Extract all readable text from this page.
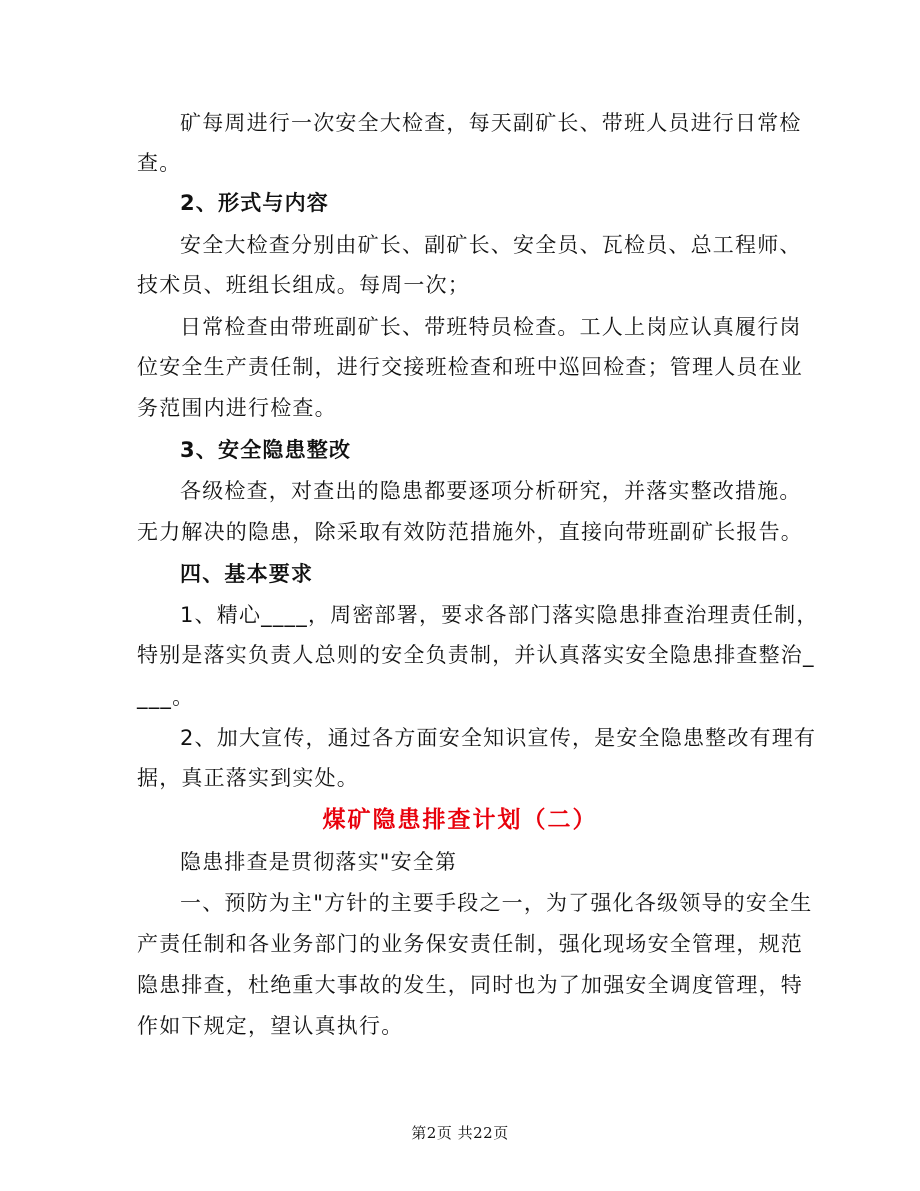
矿每周进行一次安全大检查，每天副矿长、带班人员进行日常检
查。
2、形式与内容
安全大检查分别由矿长、副矿长、安全员、瓦检员、总工程师、
技术员、班组长组成。每周一次；
日常检查由带班副矿长、带班特员检查。工人上岗应认真履行岗
位安全生产责任制，进行交接班检查和班中巡回检查；管理人员在业
务范围内进行检查。
3、安全隐患整改
各级检查，对查出的隐患都要逐项分析研究，并落实整改措施。
无力解决的隐患，除采取有效防范措施外，直接向带班副矿长报告。
四、基本要求
1、精心____，周密部署，要求各部门落实隐患排查治理责任制，
特别是落实负责人总则的安全负责制，并认真落实安全隐患排查整治_
___。
2、加大宣传，通过各方面安全知识宣传，是安全隐患整改有理有
据，真正落实到实处。
煤矿隐患排查计划（二）
隐患排查是贯彻落实"安全第
一、预防为主"方针的主要手段之一，为了强化各级领导的安全生
产责任制和各业务部门的业务保安责任制，强化现场安全管理，规范
隐患排查，杜绝重大事故的发生，同时也为了加强安全调度管理，特
作如下规定，望认真执行。
第2页 共22页
